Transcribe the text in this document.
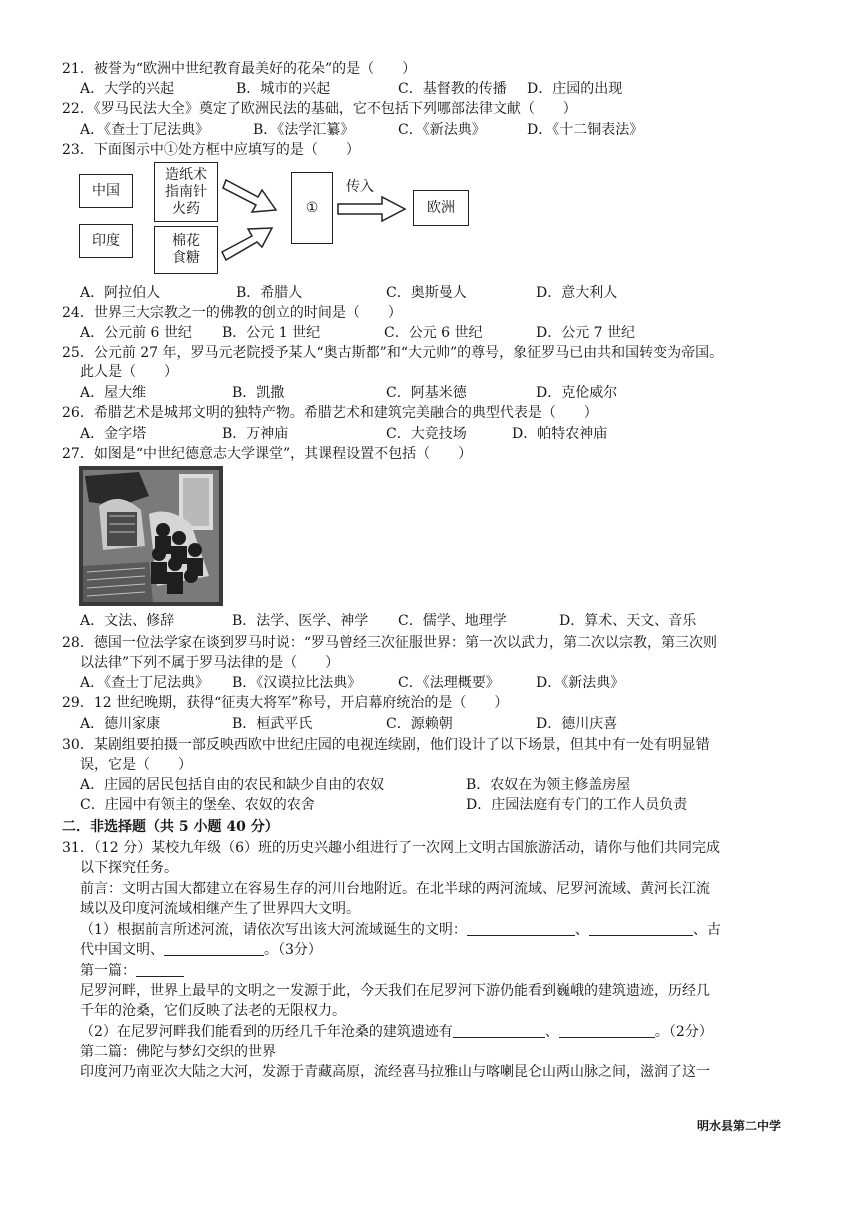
21．被誉为“欧洲中世纪教育最美好的花朵”的是（　　）
A．大学的兴起	B．城市的兴起	C．基督教的传播 D．庄园的出现
22．《罗马民法大全》奠定了欧洲民法的基础，它不包括下列哪部法律文献（　　）
A．《查士丁尼法典》	B．《法学汇纂》	C．《新法典》	D．《十二铜表法》
23．下面图示中①处方框中应填写的是（　　）
中国
造纸术
指南针
火药
印度	棉花
食糖
①
传入
欧洲
A．阿拉伯人	B．希腊人	C．奥斯曼人	D．意大利人
24．世界三大宗教之一的佛教的创立的时间是（　　）
A．公元前 6 世纪 B．公元 1 世纪	C．公元 6 世纪	D．公元 7 世纪
25．公元前 27 年，罗马元老院授予某人“奥古斯都”和“大元帅”的尊号，象征罗马已由共和国转变为帝国。
此人是（　　）
A．屋大维	B．凯撒	C．阿基米德	D．克伦威尔
26．希腊艺术是城邦文明的独特产物。希腊艺术和建筑完美融合的典型代表是（　　）
A．金字塔	B．万神庙	C．大竞技场	D．帕特农神庙
27．如图是“中世纪德意志大学课堂”，其课程设置不包括（　　）
A．文法、修辞	B．法学、医学、神学 C．儒学、地理学	D．算术、天文、音乐
28．德国一位法学家在谈到罗马时说：“罗马曾经三次征服世界：第一次以武力，第二次以宗教，第三次则
以法律”下列不属于罗马法律的是（　　）
A．《查士丁尼法典》 B．《汉谟拉比法典》	C．《法理概要》	D．《新法典》
29．12 世纪晚期，获得“征夷大将军”称号，开启幕府统治的是（　　）
A．德川家康	B．桓武平氏	C．源赖朝	D．德川庆喜
30．某剧组要拍摄一部反映西欧中世纪庄园的电视连续剧，他们设计了以下场景，但其中有一处有明显错
误，它是（　　）
A．庄园的居民包括自由的农民和缺少自由的农奴	B．农奴在为领主修盖房屋
C．庄园中有领主的堡垒、农奴的农舍	D．庄园法庭有专门的工作人员负责
二．非选择题（共 5 小题 40 分）
31．（12 分）某校九年级（6）班的历史兴趣小组进行了一次网上文明古国旅游活动，请你与他们共同完成
以下探究任务。
前言：文明古国大都建立在容易生存的河川台地附近。在北半球的两河流域、尼罗河流域、黄河长江流
域以及印度河流域相继产生了世界四大文明。
（1）根据前言所述河流，请依次写出该大河流域诞生的文明：	、	、古
代中国文明、	。（3分）
第一篇：
尼罗河畔，世界上最早的文明之一发源于此，今天我们在尼罗河下游仍能看到巍峨的建筑遗迹，历经几
千年的沧桑，它们反映了法老的无限权力。
（2）在尼罗河畔我们能看到的历经几千年沧桑的建筑遗迹有	、	。（2分）
第二篇：佛陀与梦幻交织的世界
印度河乃南亚次大陆之大河，发源于青藏高原，流经喜马拉雅山与喀喇昆仑山两山脉之间，滋润了这一
明水县第二中学
